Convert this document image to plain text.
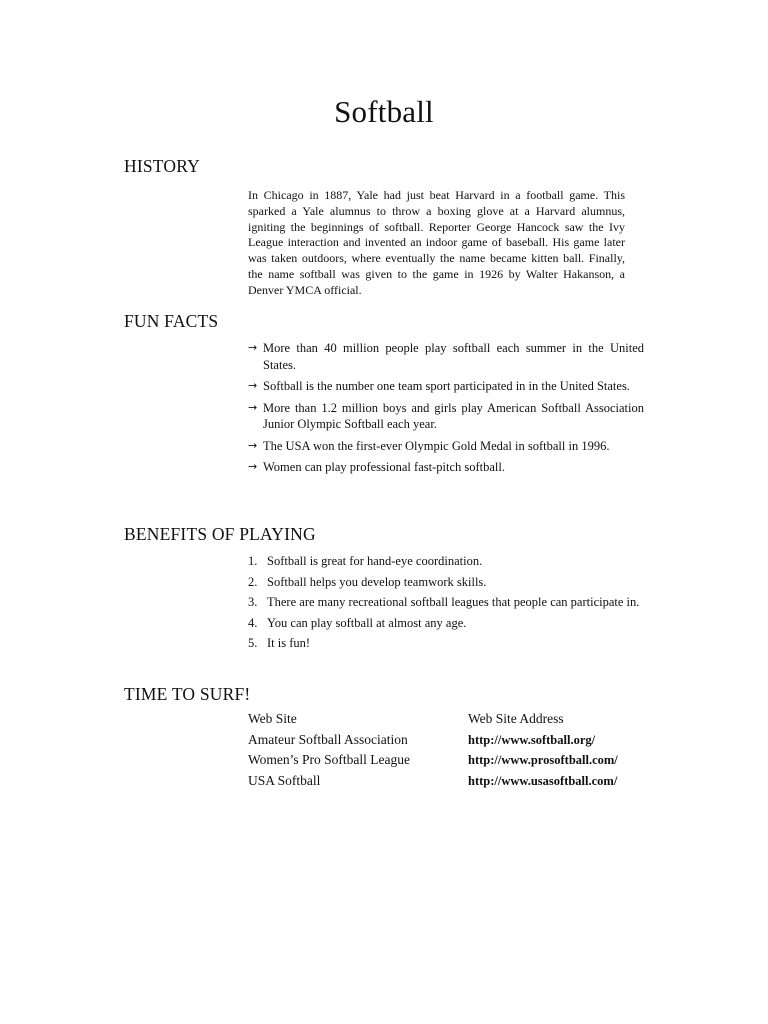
Softball
HISTORY

In Chicago in 1887, Yale had just beat Harvard in a football game. This sparked a Yale alumnus to throw a boxing glove at a Harvard alumnus, igniting the beginnings of softball. Reporter George Hancock saw the Ivy League interaction and invented an indoor game of baseball. His game later was taken outdoors, where eventually the name became kitten ball. Finally, the name softball was given to the game in 1926 by Walter Hakanson, a Denver YMCA official.

FUN FACTS
→ More than 40 million people play softball each summer in the United States.
→ Softball is the number one team sport participated in in the United States.
→ More than 1.2 million boys and girls play American Softball Association Junior Olympic Softball each year.
→ The USA won the first-ever Olympic Gold Medal in softball in 1996.
→ Women can play professional fast-pitch softball.
BENEFITS OF PLAYING
1. Softball is great for hand-eye coordination.
2. Softball helps you develop teamwork skills.
3. There are many recreational softball leagues that people can participate in.
4. You can play softball at almost any age.
5. It is fun!
TIME TO SURF!
Web Site	Web Site Address
Amateur Softball Association	http://www.softball.org/
Women’s Pro Softball League	http://www.prosoftball.com/
USA Softball	http://www.usasoftball.com/
